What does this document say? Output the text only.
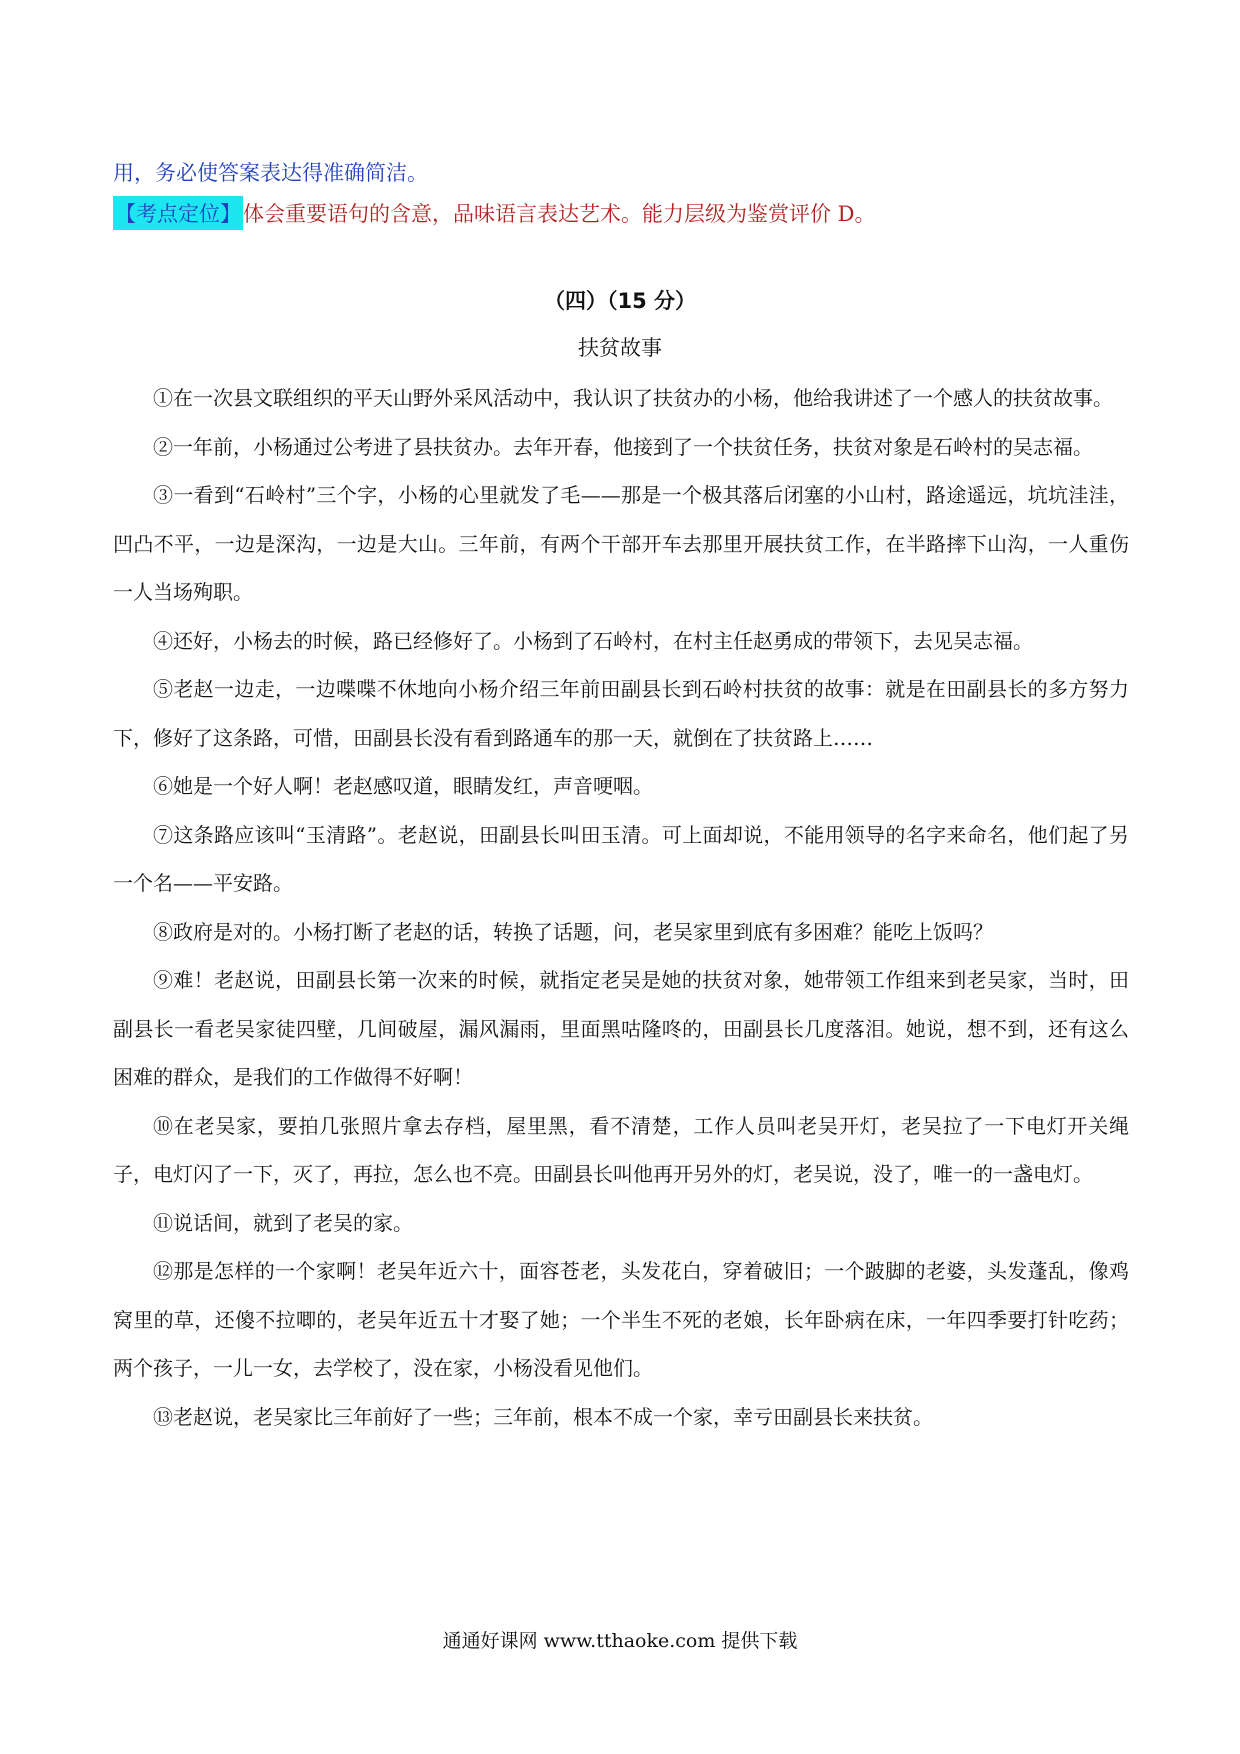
用，务必使答案表达得准确简洁。
【考点定位】 体会重要语句的含意，品味语言表达艺术。能力层级为鉴赏评价 D。
（四）（15 分）
扶贫故事

①在一次县文联组织的平天山野外采风活动中，我认识了扶贫办的小杨，他给我讲述了一个感人的扶贫故事。

②一年前，小杨通过公考进了县扶贫办。去年开春，他接到了一个扶贫任务，扶贫对象是石岭村的吴志福。

③一看到“石岭村”三个字，小杨的心里就发了毛——那是一个极其落后闭塞的小山村，路途遥远，坑坑洼洼，凹凸不平，一边是深沟，一边是大山。三年前，有两个干部开车去那里开展扶贫工作，在半路摔下山沟，一人重伤一人当场殉职。

④还好，小杨去的时候，路已经修好了。小杨到了石岭村，在村主任赵勇成的带领下，去见吴志福。

⑤老赵一边走，一边喋喋不休地向小杨介绍三年前田副县长到石岭村扶贫的故事：就是在田副县长的多方努力下，修好了这条路，可惜，田副县长没有看到路通车的那一天，就倒在了扶贫路上……

⑥她是一个好人啊！老赵感叹道，眼睛发红，声音哽咽。

⑦这条路应该叫“玉清路”。老赵说，田副县长叫田玉清。可上面却说，不能用领导的名字来命名，他们起了另一个名——平安路。

⑧政府是对的。小杨打断了老赵的话，转换了话题，问，老吴家里到底有多困难？能吃上饭吗？

⑨难！老赵说，田副县长第一次来的时候，就指定老吴是她的扶贫对象，她带领工作组来到老吴家，当时，田副县长一看老吴家徒四壁，几间破屋，漏风漏雨，里面黑咕隆咚的，田副县长几度落泪。她说，想不到，还有这么困难的群众，是我们的工作做得不好啊！

⑩在老吴家，要拍几张照片拿去存档，屋里黑，看不清楚，工作人员叫老吴开灯，老吴拉了一下电灯开关绳子，电灯闪了一下，灭了，再拉，怎么也不亮。田副县长叫他再开另外的灯，老吴说，没了，唯一的一盏电灯。

⑪说话间，就到了老吴的家。

⑫那是怎样的一个家啊！老吴年近六十，面容苍老，头发花白，穿着破旧；一个跛脚的老婆，头发蓬乱，像鸡窝里的草，还傻不拉唧的，老吴年近五十才娶了她；一个半生不死的老娘，长年卧病在床，一年四季要打针吃药；两个孩子，一儿一女，去学校了，没在家，小杨没看见他们。

⑬老赵说，老吴家比三年前好了一些；三年前，根本不成一个家，幸亏田副县长来扶贫。

通通好课网 www.tthaoke.com 提供下载
